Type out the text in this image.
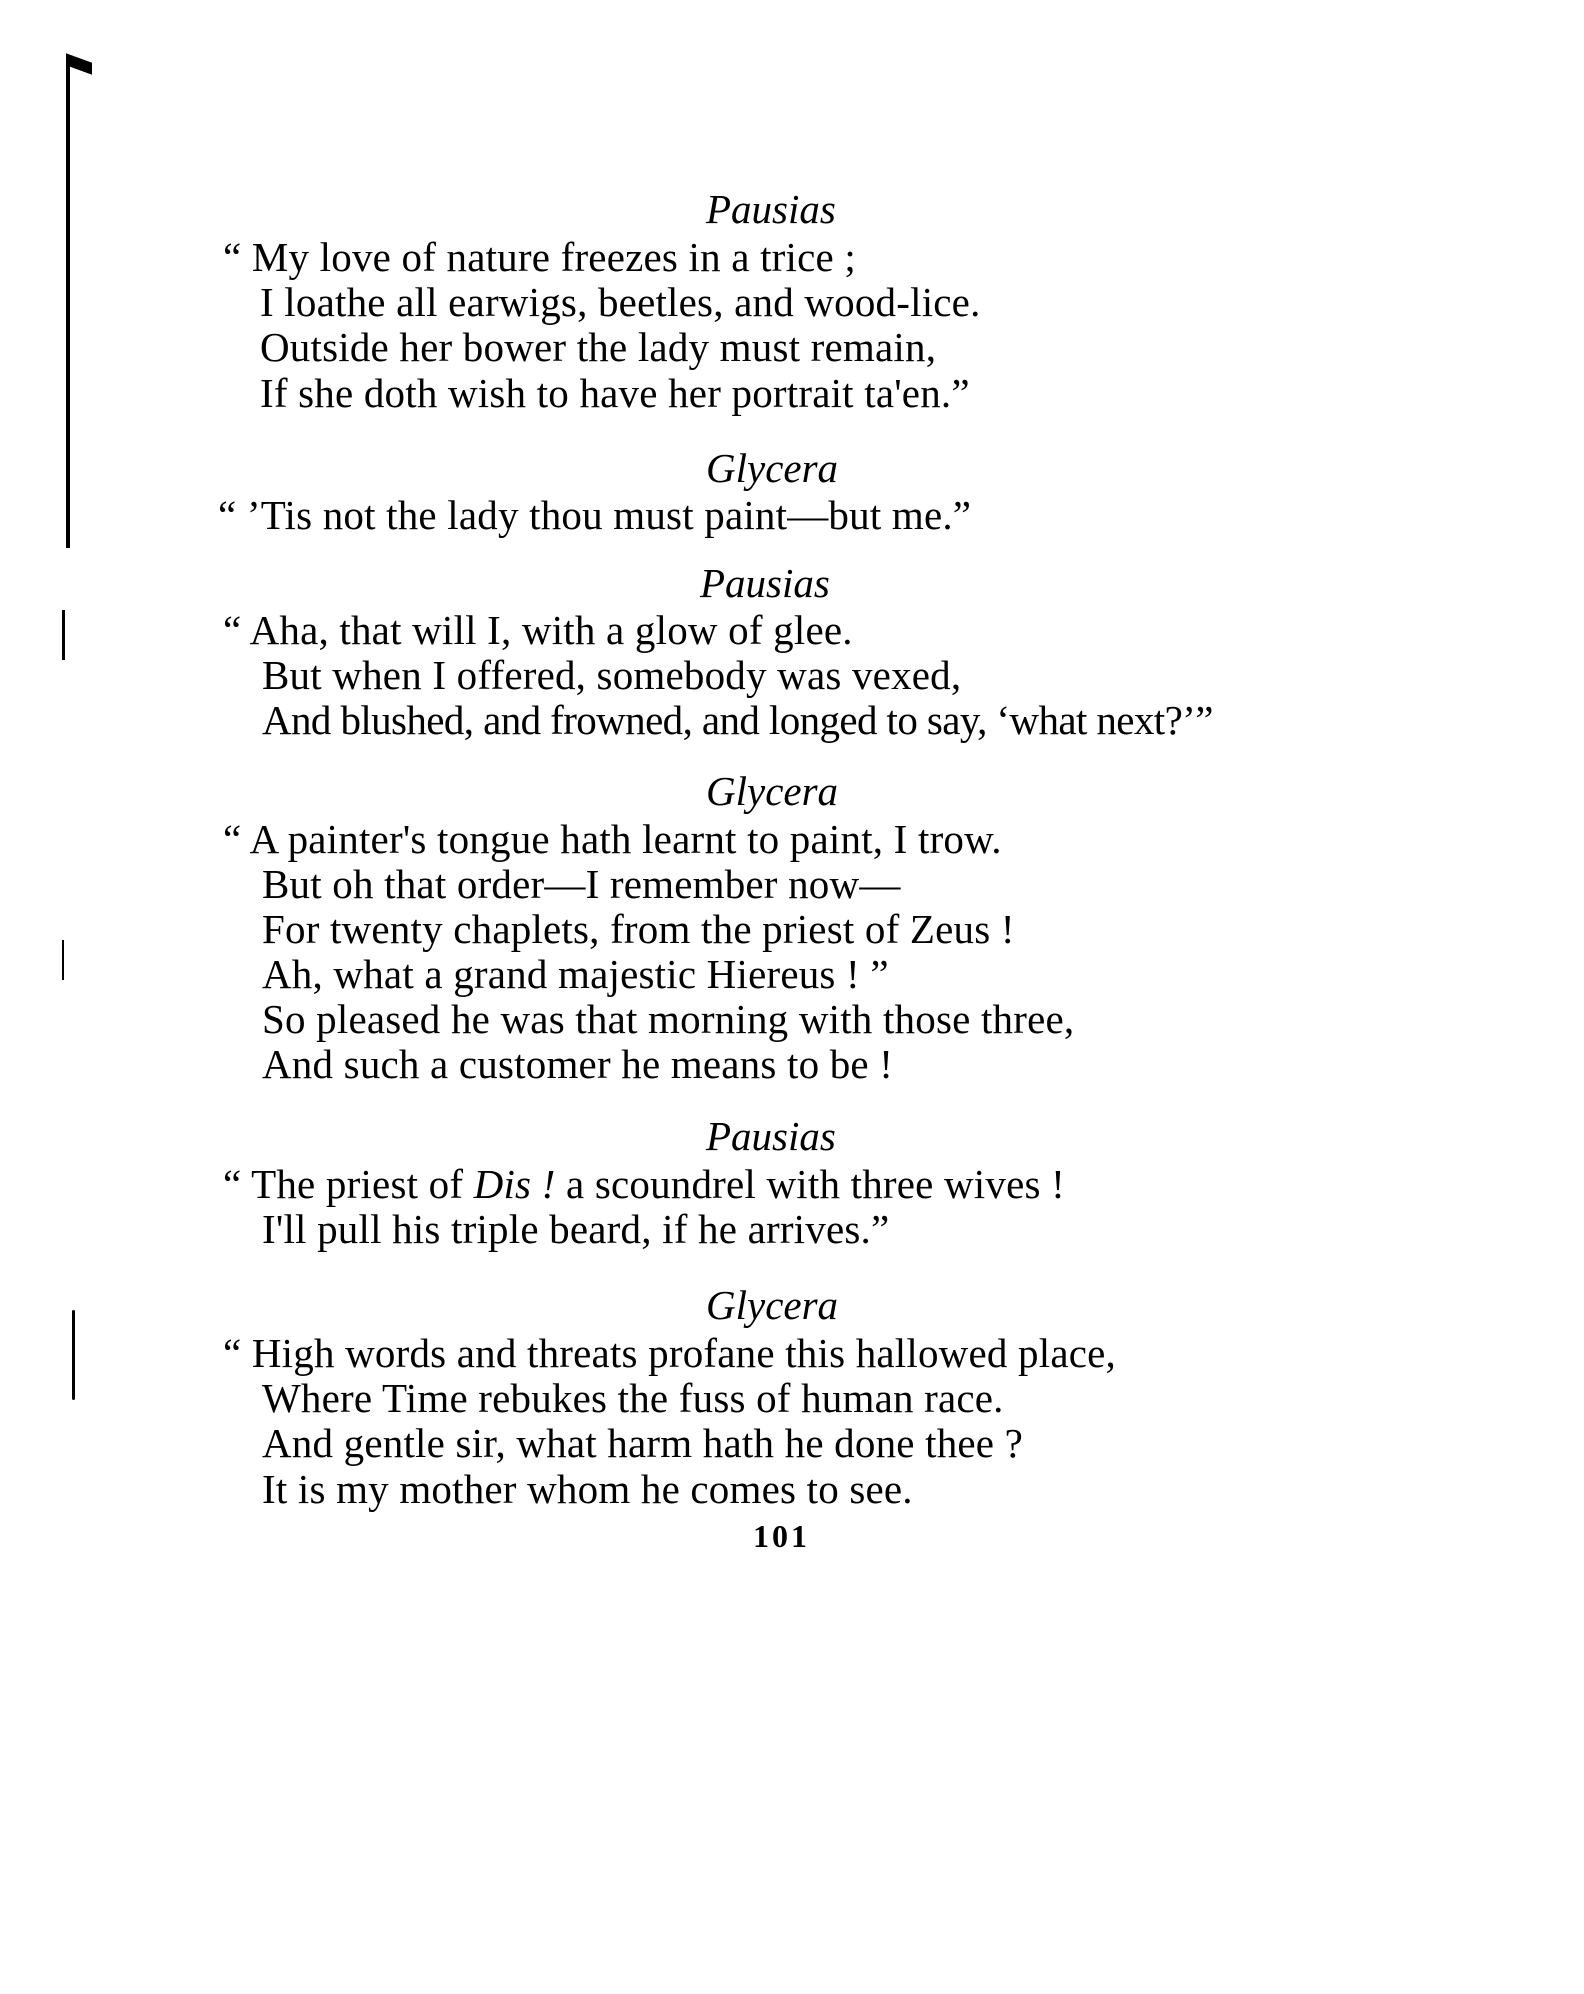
Pausias
“ My love of nature freezes in a trice ;
I loathe all earwigs, beetles, and wood-lice.
Outside her bower the lady must remain,
If she doth wish to have her portrait ta'en.”
Glycera
“ ’Tis not the lady thou must paint—but me.”
Pausias
“ Aha, that will I, with a glow of glee.
But when I offered, somebody was vexed,
And blushed, and frowned, and longed to say, ‘what next?’”
Glycera
“ A painter's tongue hath learnt to paint, I trow.
But oh that order—I remember now—
For twenty chaplets, from the priest of Zeus !
Ah, what a grand majestic Hiereus ! ”
So pleased he was that morning with those three,
And such a customer he means to be !
Pausias
“ The priest of Dis ! a scoundrel with three wives !
I'll pull his triple beard, if he arrives.”
Glycera
“ High words and threats profane this hallowed place,
Where Time rebukes the fuss of human race.
And gentle sir, what harm hath he done thee ?
It is my mother whom he comes to see.
101
